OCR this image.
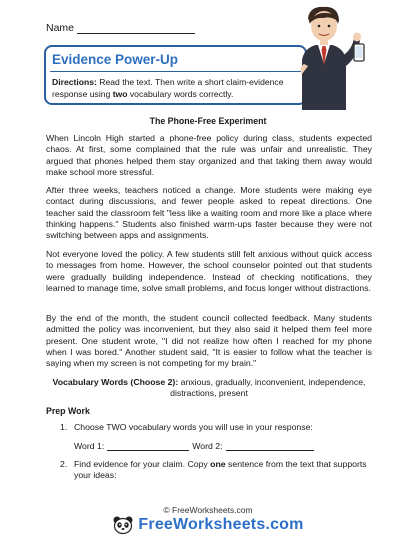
Name
Evidence Power-Up
Directions: Read the text. Then write a short claim-evidence response using two vocabulary words correctly.
The Phone-Free Experiment

When Lincoln High started a phone-free policy during class, students expected chaos. At first, some complained that the rule was unfair and unrealistic. They argued that phones helped them stay organized and that taking them away would make school more stressful.

After three weeks, teachers noticed a change. More students were making eye contact during discussions, and fewer people asked to repeat directions. One teacher said the classroom felt "less like a waiting room and more like a place where thinking happens." Students also finished warm-ups faster because they were not switching between apps and assignments.

Not everyone loved the policy. A few students still felt anxious without quick access to messages from home. However, the school counselor pointed out that students were gradually building independence. Instead of checking notifications, they learned to manage time, solve small problems, and focus longer without distractions.

By the end of the month, the student council collected feedback. Many students admitted the policy was inconvenient, but they also said it helped them feel more present. One student wrote, "I did not realize how often I reached for my phone when I was bored." Another student said, "It is easier to follow what the teacher is saying when my screen is not competing for my brain."

Vocabulary Words (Choose 2): anxious, gradually, inconvenient, independence, distractions, present
Prep Work
1. Choose TWO vocabulary words you will use in your response:
Word 1:	Word 2:
2. Find evidence for your claim. Copy one sentence from the text that supports your ideas:
© FreeWorksheets.com
FreeWorksheets.com
